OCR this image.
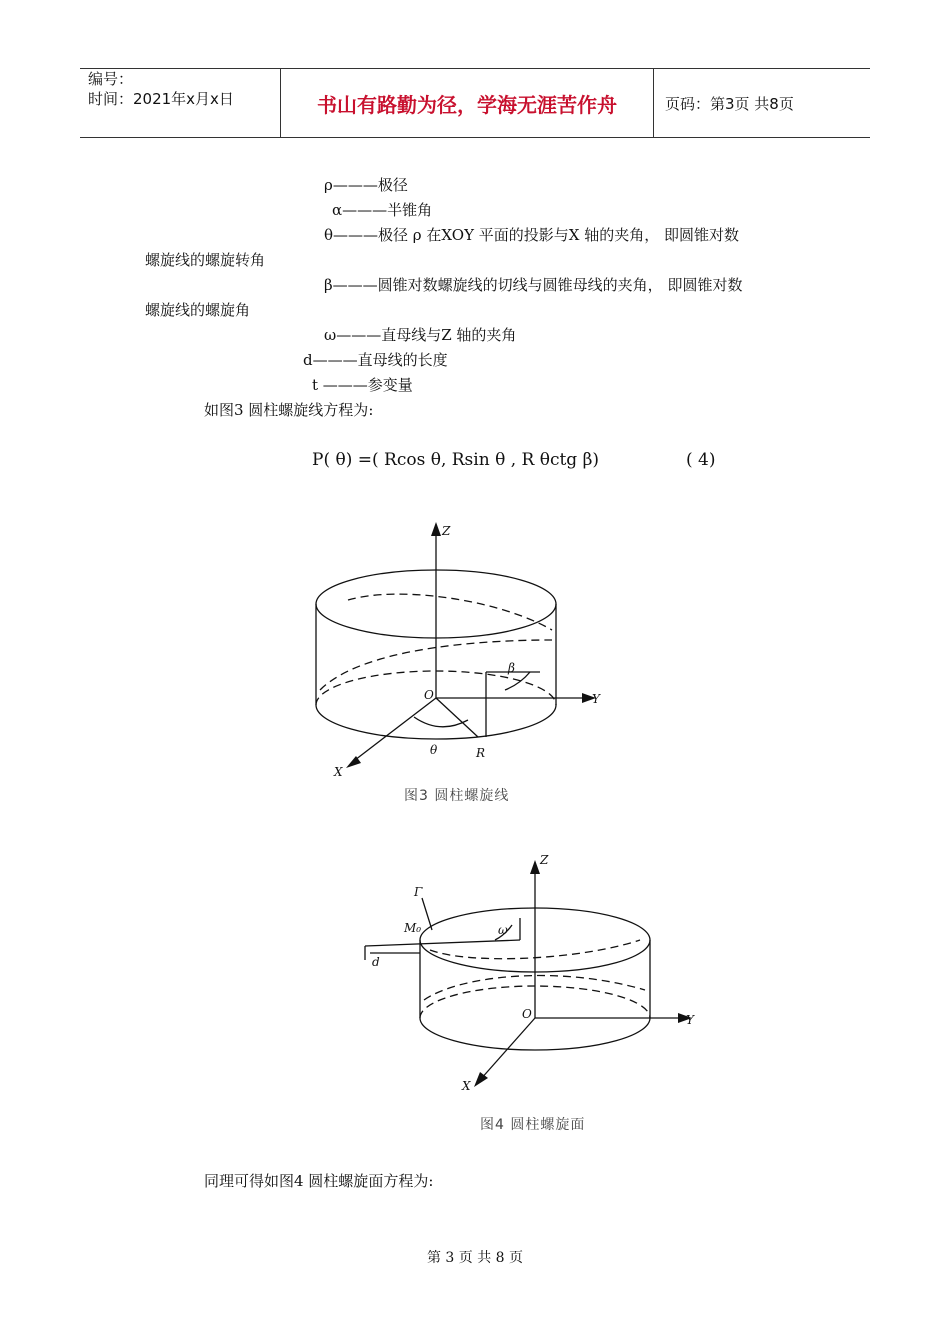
编号：
时间：2021年x月x日	书山有路勤为径，学海无涯苦作舟	页码：第3页 共8页
ρ———极径
α———半锥角
θ———极径 ρ 在XOY 平面的投影与X 轴的夹角， 即圆锥对数
螺旋线的螺旋转角
β———圆锥对数螺旋线的切线与圆锥母线的夹角， 即圆锥对数
螺旋线的螺旋角
ω———直母线与Z 轴的夹角
d———直母线的长度
t ———参变量
如图3 圆柱螺旋线方程为:
P( θ) =( Rcos θ, Rsin θ , R θctg β)	( 4)
Z
Y
X
O
θ	R
β
图3 圆柱螺旋线
Z
Y
X
O
Γ
M₀
d
ω
图4 圆柱螺旋面
同理可得如图4 圆柱螺旋面方程为:
第 3 页 共 8 页
